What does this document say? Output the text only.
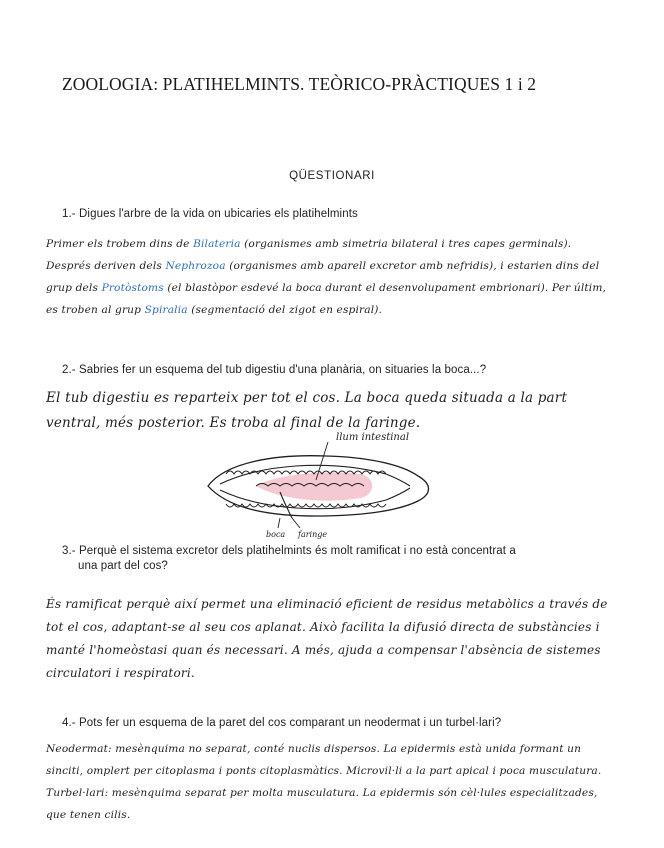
ZOOLOGIA: PLATIHELMINTS. TEÒRICO-PRÀCTIQUES 1 i 2
QÜESTIONARI
1.- Digues l'arbre de la vida on ubicaries els platihelmints
Primer els trobem dins de Bilateria (organismes amb simetria bilateral i tres capes germinals). Després deriven dels Nephrozoa (organismes amb aparell excretor amb nefridis), i estarien dins del grup dels Protòstoms (el blastòpor esdevé la boca durant el desenvolupament embrionari). Per últim, es troben al grup Spiralia (segmentació del zigot en espiral).
2.- Sabries fer un esquema del tub digestiu d'una planària, on situaries la boca...?
El tub digestiu es reparteix per tot el cos. La boca queda situada a la part ventral, més posterior. Es troba al final de la faringe.
llum intestinal
boca faringe
3.- Perquè el sistema excretor dels platihelmints és molt ramificat i no està concentrat a
una part del cos?
És ramificat perquè així permet una eliminació eficient de residus metabòlics a través de tot el cos, adaptant-se al seu cos aplanat. Això facilita la difusió directa de substàncies i manté l'homeòstasi quan és necessari. A més, ajuda a compensar l'absència de sistemes circulatori i respiratori.
4.- Pots fer un esquema de la paret del cos comparant un neodermat i un turbel·lari?
Neodermat: mesènquima no separat, conté nuclis dispersos. La epidermis està unida formant un sinciti, omplert per citoplasma i ponts citoplasmàtics. Microvil·li a la part apical i poca musculatura. Turbel·lari: mesènquima separat per molta musculatura. La epidermis són cèl·lules especialitzades, que tenen cilis.
